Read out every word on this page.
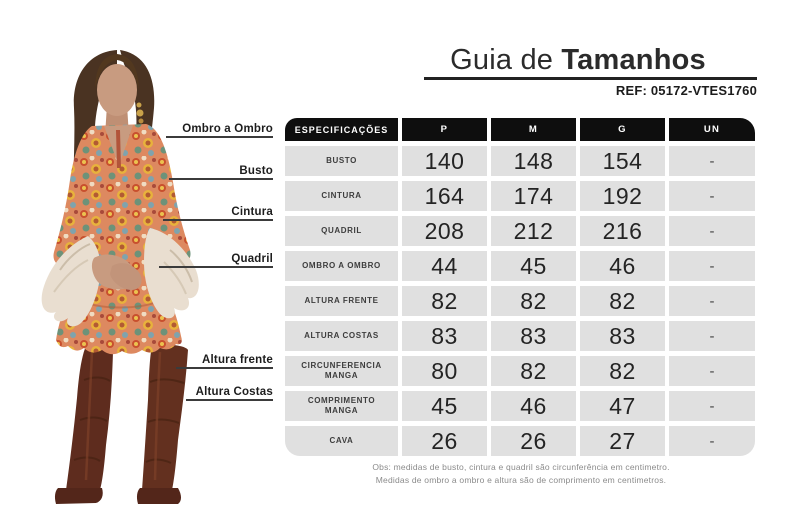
Ombro a Ombro
Busto
Cintura
Quadril
Altura frente
Altura Costas
Guia de Tamanhos
REF: 05172-VTES1760
ESPECIFICAÇÕES	P	M	G	UN
BUSTO	140	148	154	-
CINTURA	164	174	192	-
QUADRIL	208	212	216	-
OMBRO A OMBRO	44	45	46	-
ALTURA FRENTE	82	82	82	-
ALTURA COSTAS	83	83	83	-
CIRCUNFERENCIA MANGA	80	82	82	-
COMPRIMENTO MANGA	45	46	47	-
CAVA	26	26	27	-
Obs: medidas de busto, cintura e quadril são circunferência em centimetro.
Medidas de ombro a ombro e altura são de comprimento em centimetros.
